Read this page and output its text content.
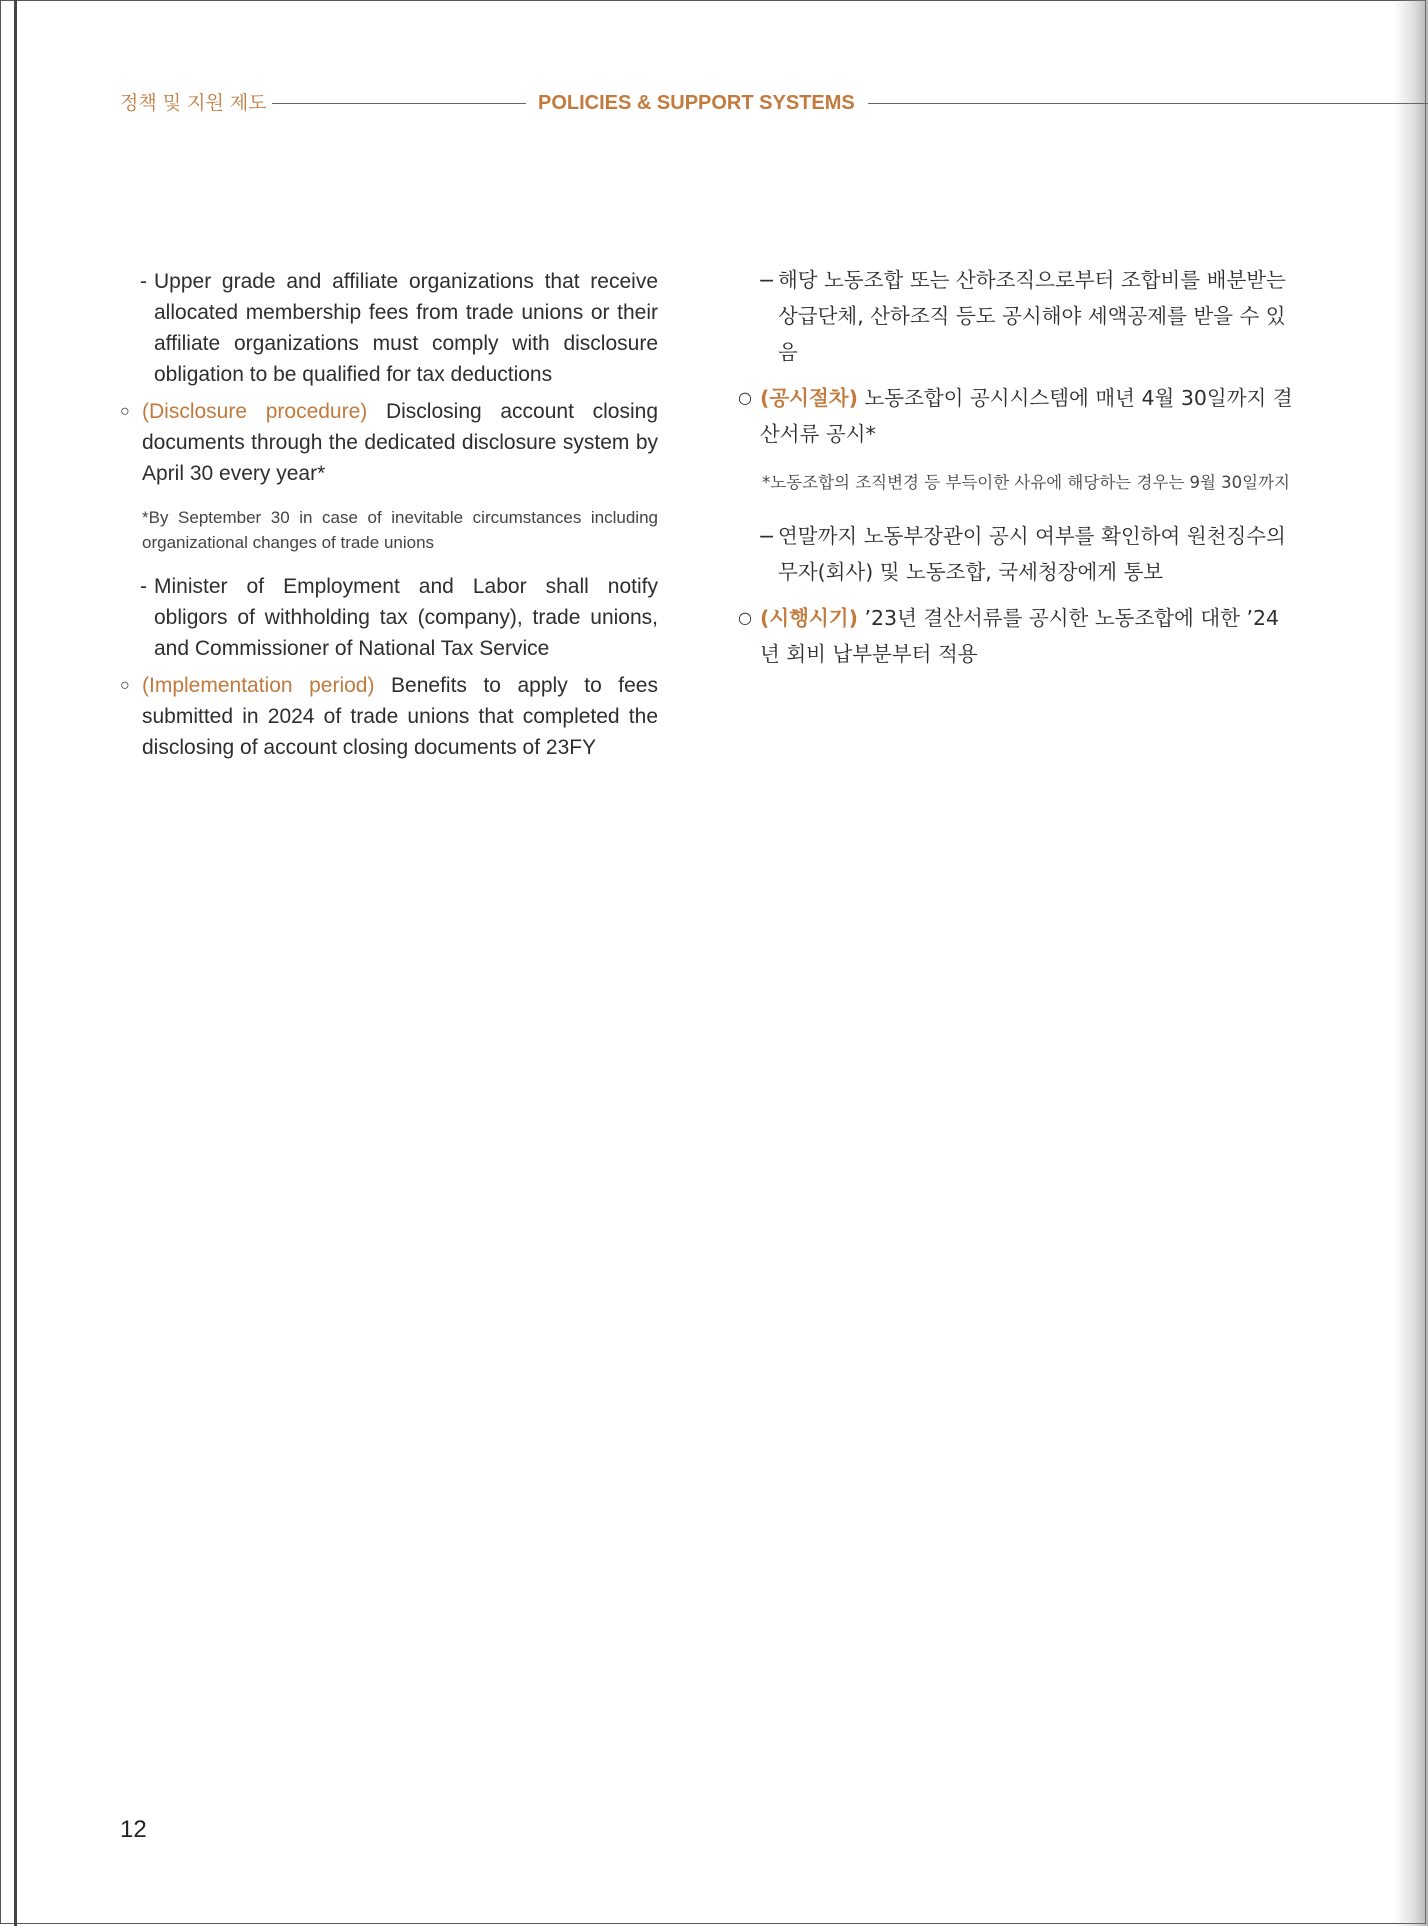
정책 및 지원 제도	POLICIES & SUPPORT SYSTEMS

- Upper grade and affiliate organizations that receive allocated membership fees from trade unions or their affiliate organizations must comply with disclosure obligation to be qualified for tax deductions

○ (Disclosure procedure) Disclosing account closing documents through the dedicated disclosure system by April 30 every year*

*By September 30 in case of inevitable circumstances including organizational changes of trade unions

- Minister of Employment and Labor shall notify obligors of withholding tax (company), trade unions, and Commissioner of National Tax Service

○ (Implementation period) Benefits to apply to fees submitted in 2024 of trade unions that completed the disclosing of account closing documents of 23FY

− 해당 노동조합 또는 산하조직으로부터 조합비를 배분받는 상급단체, 산하조직 등도 공시해야 세액공제를 받을 수 있음

○ (공시절차) 노동조합이 공시시스템에 매년 4월 30일까지 결산서류 공시*

*노동조합의 조직변경 등 부득이한 사유에 해당하는 경우는 9월 30일까지

− 연말까지 노동부장관이 공시 여부를 확인하여 원천징수의무자(회사) 및 노동조합, 국세청장에게 통보

○ (시행시기) ’23년 결산서류를 공시한 노동조합에 대한 ’24년 회비 납부분부터 적용

12
